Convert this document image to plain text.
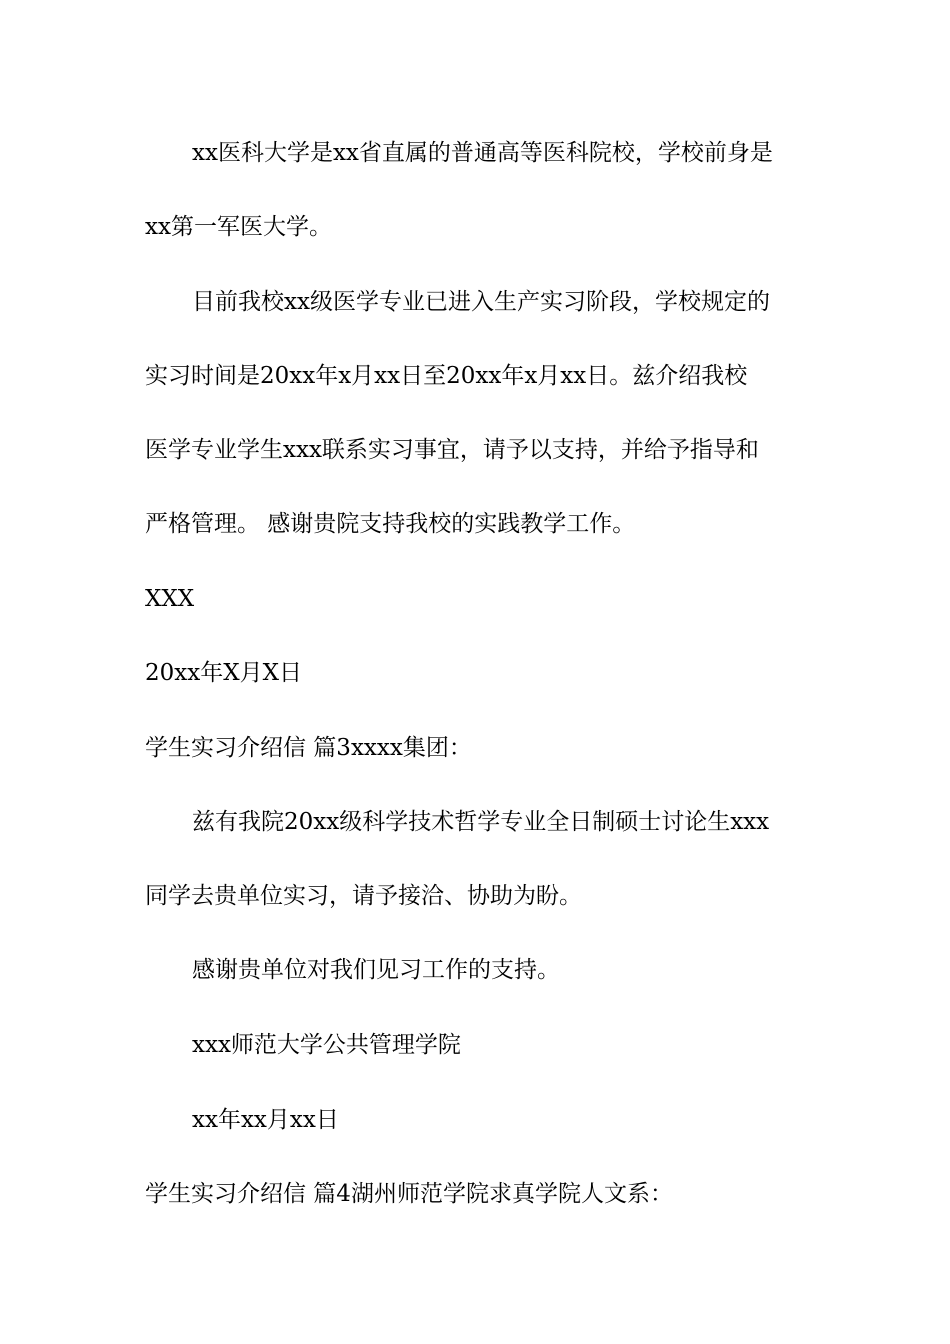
xx医科大学是xx省直属的普通高等医科院校，学校前身是
xx第一军医大学。
目前我校xx级医学专业已进入生产实习阶段，学校规定的
实习时间是20xx年x月xx日至20xx年x月xx日。兹介绍我校
医学专业学生xxx联系实习事宜，请予以支持，并给予指导和
严格管理。 感谢贵院支持我校的实践教学工作。
XXX
20xx年X月X日
学生实习介绍信 篇3xxxx集团：
兹有我院20xx级科学技术哲学专业全日制硕士讨论生xxx
同学去贵单位实习，请予接洽、协助为盼。
感谢贵单位对我们见习工作的支持。
xxx师范大学公共管理学院
xx年xx月xx日
学生实习介绍信 篇4湖州师范学院求真学院人文系：
